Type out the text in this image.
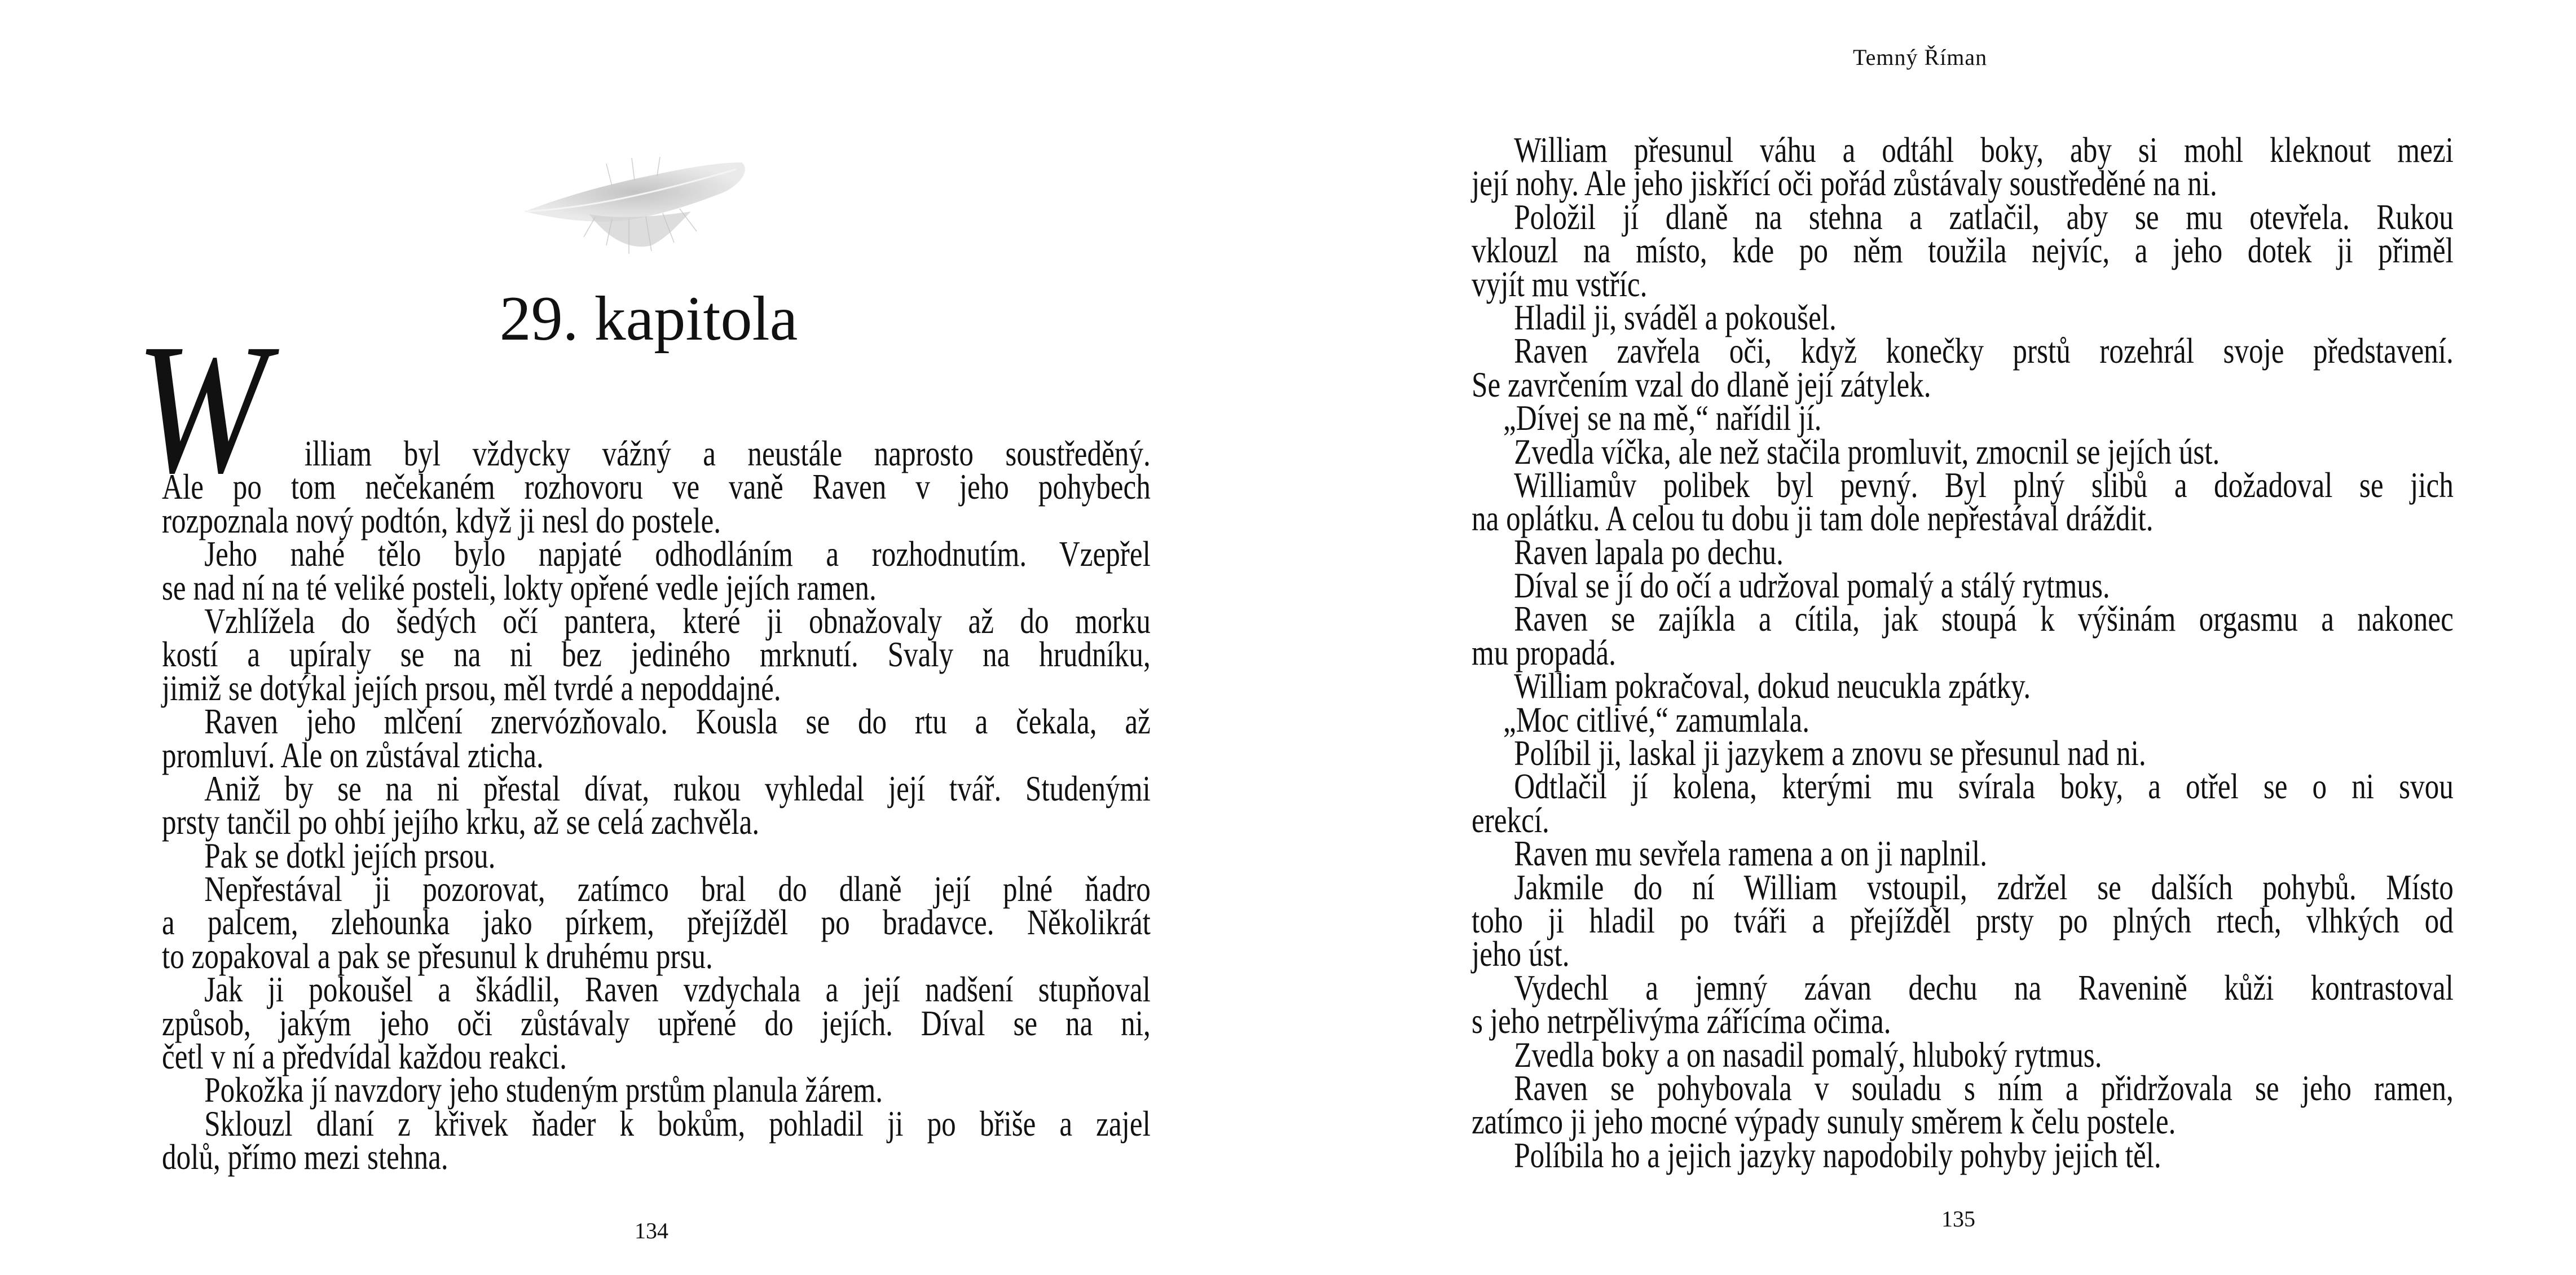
Temný Říman
29. kapitola
W	illiam byl vždycky vážný a neustále naprosto soustředěný.
Ale po tom nečekaném rozhovoru ve vaně Raven v jeho pohybech
rozpoznala nový podtón, když ji nesl do postele.
Jeho nahé tělo bylo napjaté odhodláním a rozhodnutím. Vzepřel
se nad ní na té veliké posteli, lokty opřené vedle jejích ramen.
Vzhlížela do šedých očí pantera, které ji obnažovaly až do morku
kostí a upíraly se na ni bez jediného mrknutí. Svaly na hrudníku,
jimiž se dotýkal jejích prsou, měl tvrdé a nepoddajné.
Raven jeho mlčení znervózňovalo. Kousla se do rtu a čekala, až
promluví. Ale on zůstával zticha.
Aniž by se na ni přestal dívat, rukou vyhledal její tvář. Studenými
prsty tančil po ohbí jejího krku, až se celá zachvěla.
Pak se dotkl jejích prsou.
Nepřestával ji pozorovat, zatímco bral do dlaně její plné ňadro
a palcem, zlehounka jako pírkem, přejížděl po bradavce. Několikrát
to zopakoval a pak se přesunul k druhému prsu.
Jak ji pokoušel a škádlil, Raven vzdychala a její nadšení stupňoval
způsob, jakým jeho oči zůstávaly upřené do jejích. Díval se na ni,
četl v ní a předvídal každou reakci.
Pokožka jí navzdory jeho studeným prstům planula žárem.
Sklouzl dlaní z křivek ňader k bokům, pohladil ji po břiše a zajel
dolů, přímo mezi stehna.
William přesunul váhu a odtáhl boky, aby si mohl kleknout mezi
její nohy. Ale jeho jiskřící oči pořád zůstávaly soustředěné na ni.
Položil jí dlaně na stehna a zatlačil, aby se mu otevřela. Rukou
vklouzl na místo, kde po něm toužila nejvíc, a jeho dotek ji přiměl
vyjít mu vstříc.
Hladil ji, sváděl a pokoušel.
Raven zavřela oči, když konečky prstů rozehrál svoje představení.
Se zavrčením vzal do dlaně její zátylek.
„Dívej se na mě,“ nařídil jí.
Zvedla víčka, ale než stačila promluvit, zmocnil se jejích úst.
Williamův polibek byl pevný. Byl plný slibů a dožadoval se jich
na oplátku. A celou tu dobu ji tam dole nepřestával dráždit.
Raven lapala po dechu.
Díval se jí do očí a udržoval pomalý a stálý rytmus.
Raven se zajíkla a cítila, jak stoupá k výšinám orgasmu a nakonec
mu propadá.
William pokračoval, dokud neucukla zpátky.
„Moc citlivé,“ zamumlala.
Políbil ji, laskal ji jazykem a znovu se přesunul nad ni.
Odtlačil jí kolena, kterými mu svírala boky, a otřel se o ni svou
erekcí.
Raven mu sevřela ramena a on ji naplnil.
Jakmile do ní William vstoupil, zdržel se dalších pohybů. Místo
toho ji hladil po tváři a přejížděl prsty po plných rtech, vlhkých od
jeho úst.
Vydechl a jemný závan dechu na Ravenině kůži kontrastoval
s jeho netrpělivýma zářícíma očima.
Zvedla boky a on nasadil pomalý, hluboký rytmus.
Raven se pohybovala v souladu s ním a přidržovala se jeho ramen,
zatímco ji jeho mocné výpady sunuly směrem k čelu postele.
Políbila ho a jejich jazyky napodobily pohyby jejich těl.
134	135
